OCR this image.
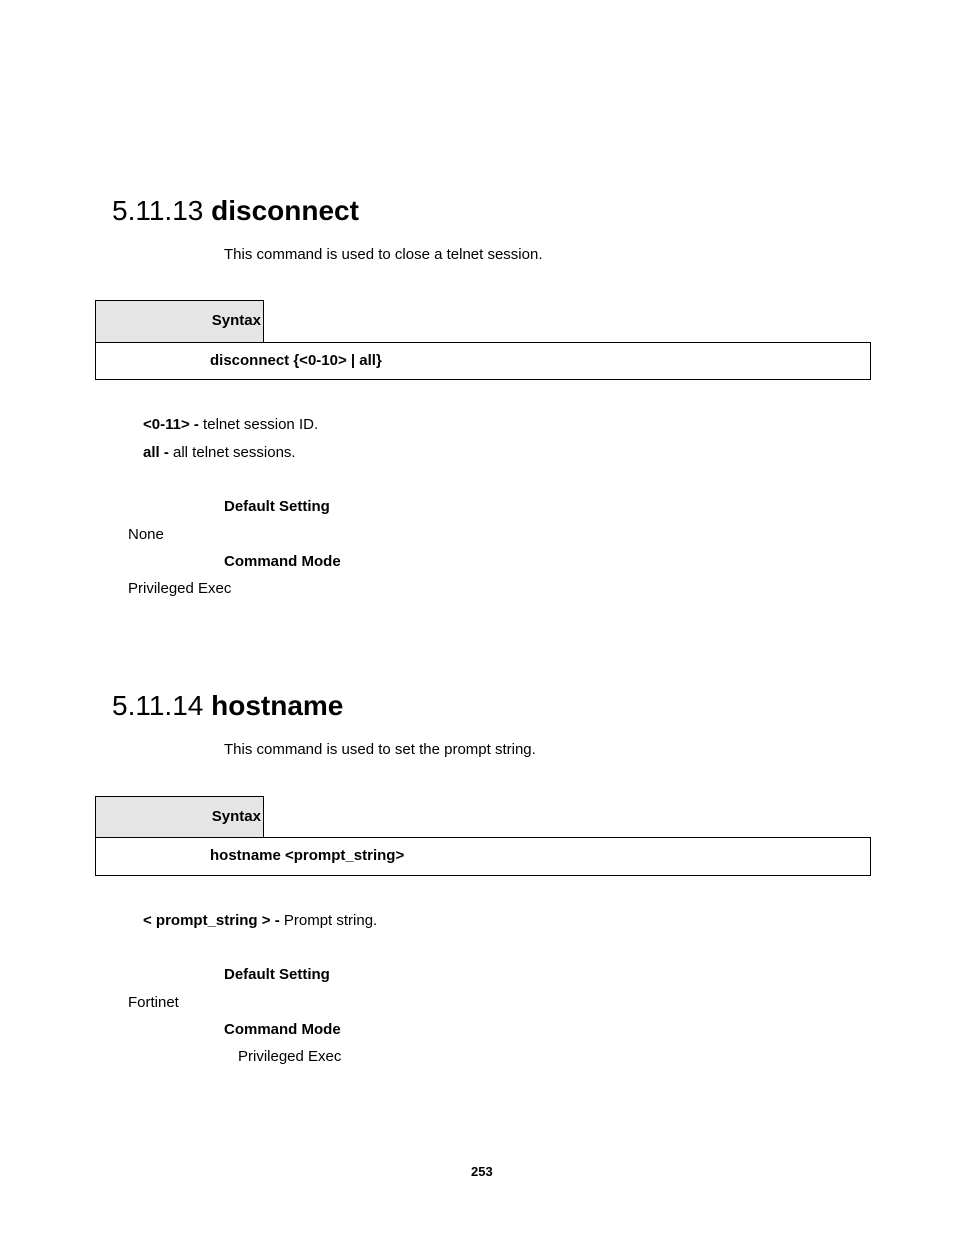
5.11.13 disconnect
This command is used to close a telnet session.
Syntax
disconnect {<0-10> | all}
<0-11> - telnet session ID.
all - all telnet sessions.
Default Setting
None
Command Mode
Privileged Exec
5.11.14 hostname
This command is used to set the prompt string.
Syntax
hostname <prompt_string>
< prompt_string > - Prompt string.
Default Setting
Fortinet
Command Mode
Privileged Exec
253
